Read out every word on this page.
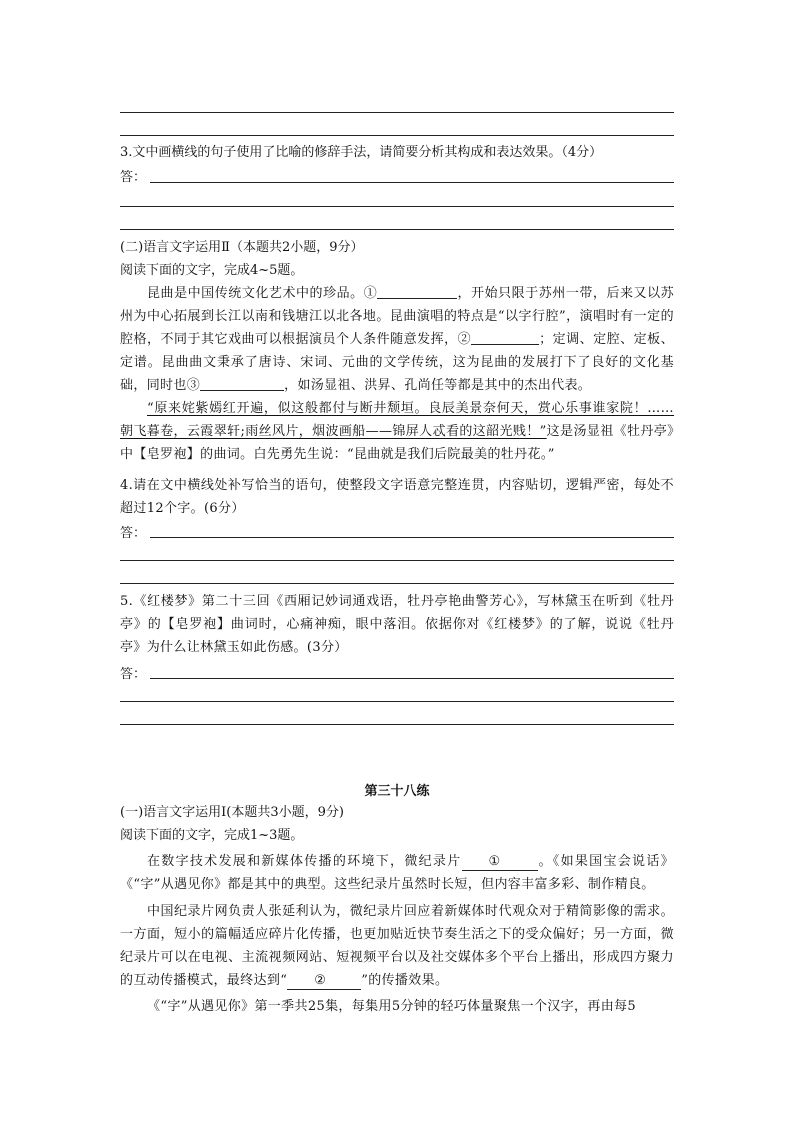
3.文中画横线的句子使用了比喻的修辞手法，请简要分析其构成和表达效果。（4分）
答：
(二)语言文字运用Ⅱ（本题共2小题，9分）
阅读下面的文字，完成4~5题。
昆曲是中国传统文化艺术中的珍品。①	，开始只限于苏州一带，后来又以苏州为中心拓展到长江以南和钱塘江以北各地。昆曲演唱的特点是“以字行腔”，演唱时有一定的腔格，不同于其它戏曲可以根据演员个人条件随意发挥，②	；定调、定腔、定板、定谱。昆曲曲文秉承了唐诗、宋词、元曲的文学传统，这为昆曲的发展打下了良好的文化基础，同时也③	，如汤显祖、洪昇、孔尚任等都是其中的杰出代表。
“原来姹紫嫣红开遍，似这般都付与断井颓垣。良辰美景奈何天，赏心乐事谁家院！……朝飞暮卷，云霞翠轩;雨丝风片，烟波画船——锦屏人忒看的这韶光贱！”这是汤显祖《牡丹亭》中【皂罗袍】的曲词。白先勇先生说：“昆曲就是我们后院最美的牡丹花。”
4.请在文中横线处补写恰当的语句，使整段文字语意完整连贯，内容贴切，逻辑严密，每处不超过12个字。(6分）
答：
5.《红楼梦》第二十三回《西厢记妙词通戏语，牡丹亭艳曲警芳心》，写林黛玉在听到《牡丹亭》的【皂罗袍】曲词时，心痛神痴，眼中落泪。依据你对《红楼梦》的了解，说说《牡丹亭》为什么让林黛玉如此伤感。(3分）
答：
第三十八练
(一)语言文字运用Ⅰ(本题共3小题，9分)
阅读下面的文字，完成1~3题。
在数字技术发展和新媒体传播的环境下，微纪录片 ①	。《如果国宝会说话》《“字”从遇见你》都是其中的典型。这些纪录片虽然时长短，但内容丰富多彩、制作精良。
中国纪录片网负责人张延利认为，微纪录片回应着新媒体时代观众对于精简影像的需求。一方面，短小的篇幅适应碎片化传播，也更加贴近快节奏生活之下的受众偏好；另一方面，微纪录片可以在电视、主流视频网站、短视频平台以及社交媒体多个平台上播出，形成四方聚力的互动传播模式，最终达到“ ②	”的传播效果。
《“字”从遇见你》第一季共25集，每集用5分钟的轻巧体量聚焦一个汉字，再由每5
